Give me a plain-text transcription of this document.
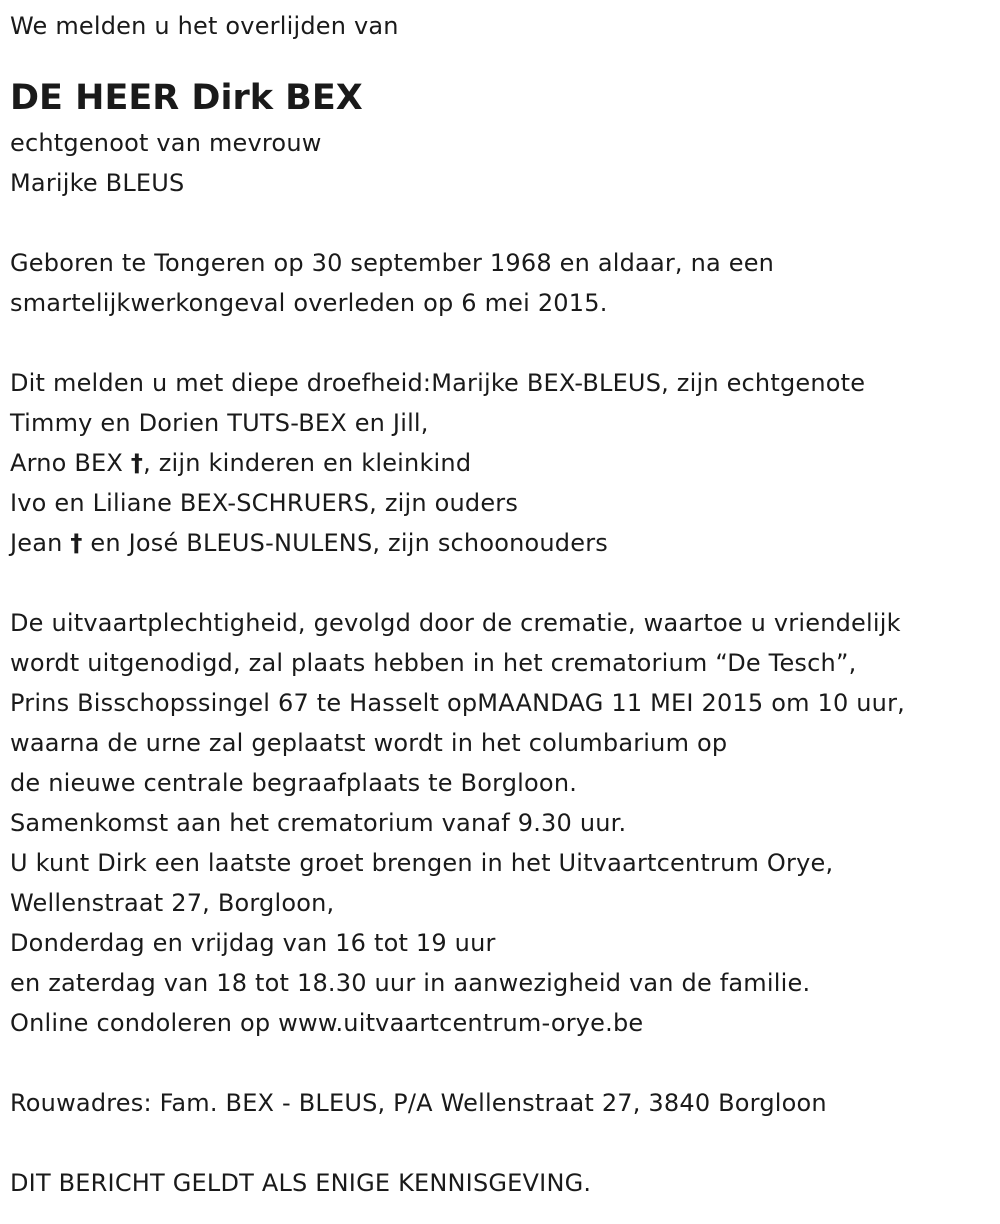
We melden u het overlijden van
DE HEER Dirk BEX
echtgenoot van mevrouw
Marijke BLEUS
Geboren te Tongeren op 30 september 1968 en aldaar, na een
smartelijkwerkongeval overleden op 6 mei 2015.
Dit melden u met diepe droefheid:Marijke BEX-BLEUS, zijn echtgenote
Timmy en Dorien TUTS-BEX en Jill,
Arno BEX †, zijn kinderen en kleinkind
Ivo en Liliane BEX-SCHRUERS, zijn ouders
Jean † en José BLEUS-NULENS, zijn schoonouders
De uitvaartplechtigheid, gevolgd door de crematie, waartoe u vriendelijk
wordt uitgenodigd, zal plaats hebben in het crematorium “De Tesch”,
Prins Bisschopssingel 67 te Hasselt opMAANDAG 11 MEI 2015 om 10 uur,
waarna de urne zal geplaatst wordt in het columbarium op
de nieuwe centrale begraafplaats te Borgloon.
Samenkomst aan het crematorium vanaf 9.30 uur.
U kunt Dirk een laatste groet brengen in het Uitvaartcentrum Orye,
Wellenstraat 27, Borgloon,
Donderdag en vrijdag van 16 tot 19 uur
en zaterdag van 18 tot 18.30 uur in aanwezigheid van de familie.
Online condoleren op www.uitvaartcentrum-orye.be
Rouwadres: Fam. BEX - BLEUS, P/A Wellenstraat 27, 3840 Borgloon
DIT BERICHT GELDT ALS ENIGE KENNISGEVING.
